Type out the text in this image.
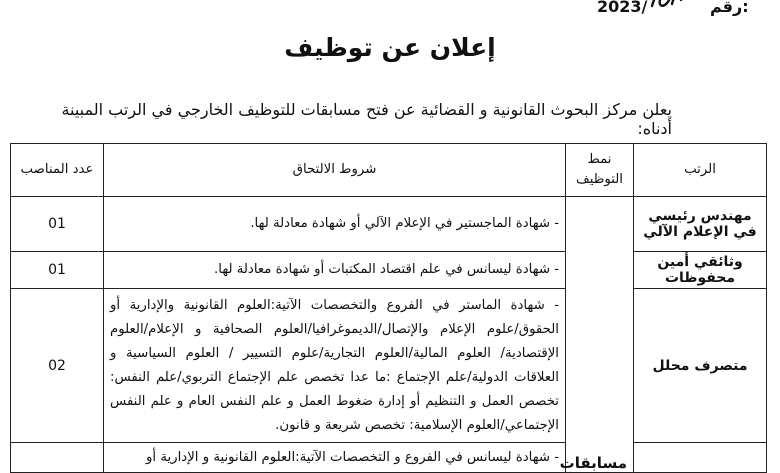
رقم:
2023/
إعلان عن توظيف
يعلن مركز البحوث القانونية و القضائية عن فتح مسابقات للتوظيف الخارجي في الرتب المبينة أدناه:
الرتب	نمط التوظيف	شروط الالتحاق	عدد المناصب
مهندس رئيسي في الإعلام الآلي	مسابقات	- شهادة الماجستير في الإعلام الآلي أو شهادة معادلة لها.	01
وثائقي أمين محفوظات		- شهادة ليسانس في علم اقتصاد المكتبات أو شهادة معادلة لها.	01
متصرف محلل		- شهادة الماستر في الفروع والتخصصات الآتية:العلوم القانونية والإدارية أو الحقوق/علوم الإعلام والإتصال/الديموغرافيا/العلوم الصحافية و الإعلام/العلوم الإقتصادية/ العلوم المالية/العلوم التجارية/علوم التسيير / العلوم السياسية و العلاقات الدولية/علم الإجتماع :ما عدا تخصص علم الإجتماع التربوي/علم النفس: تخصص العمل و التنظيم أو إدارة ضغوط العمل و علم النفس العام و علم النفس الإجتماعي/العلوم الإسلامية: تخصص شريعة و قانون.	02
		- شهادة ليسانس في الفروع و التخصصات الآتية:العلوم القانونية و الإدارية أو	
